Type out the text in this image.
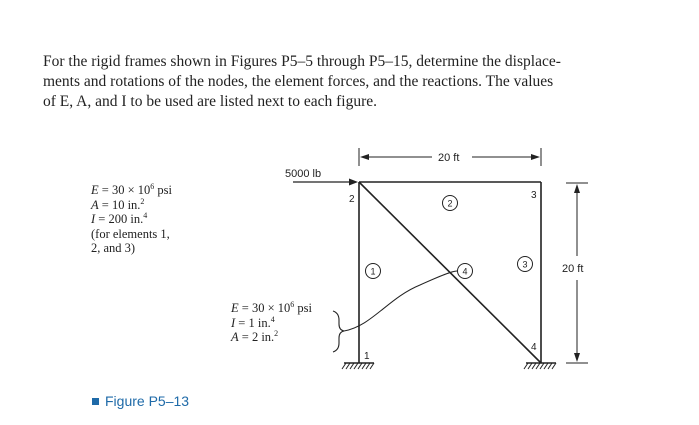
For the rigid frames shown in Figures P5–5 through P5–15, determine the displace-
ments and rotations of the nodes, the element forces, and the reactions. The values
of E, A, and I to be used are listed next to each figure.
$E = 30 \times 10^6$ psi
A = 10 in.$^2$
I = 200 in.$^4$
(for elements 1,
2, and 3)
$E = 30 \times 10^6$ psi
I = 1 in.$^4$
A = 2 in.$^2$
5000 lb
20 ft
20 ft
1
2	3
4
1
2
3
4
Figure P5–13
